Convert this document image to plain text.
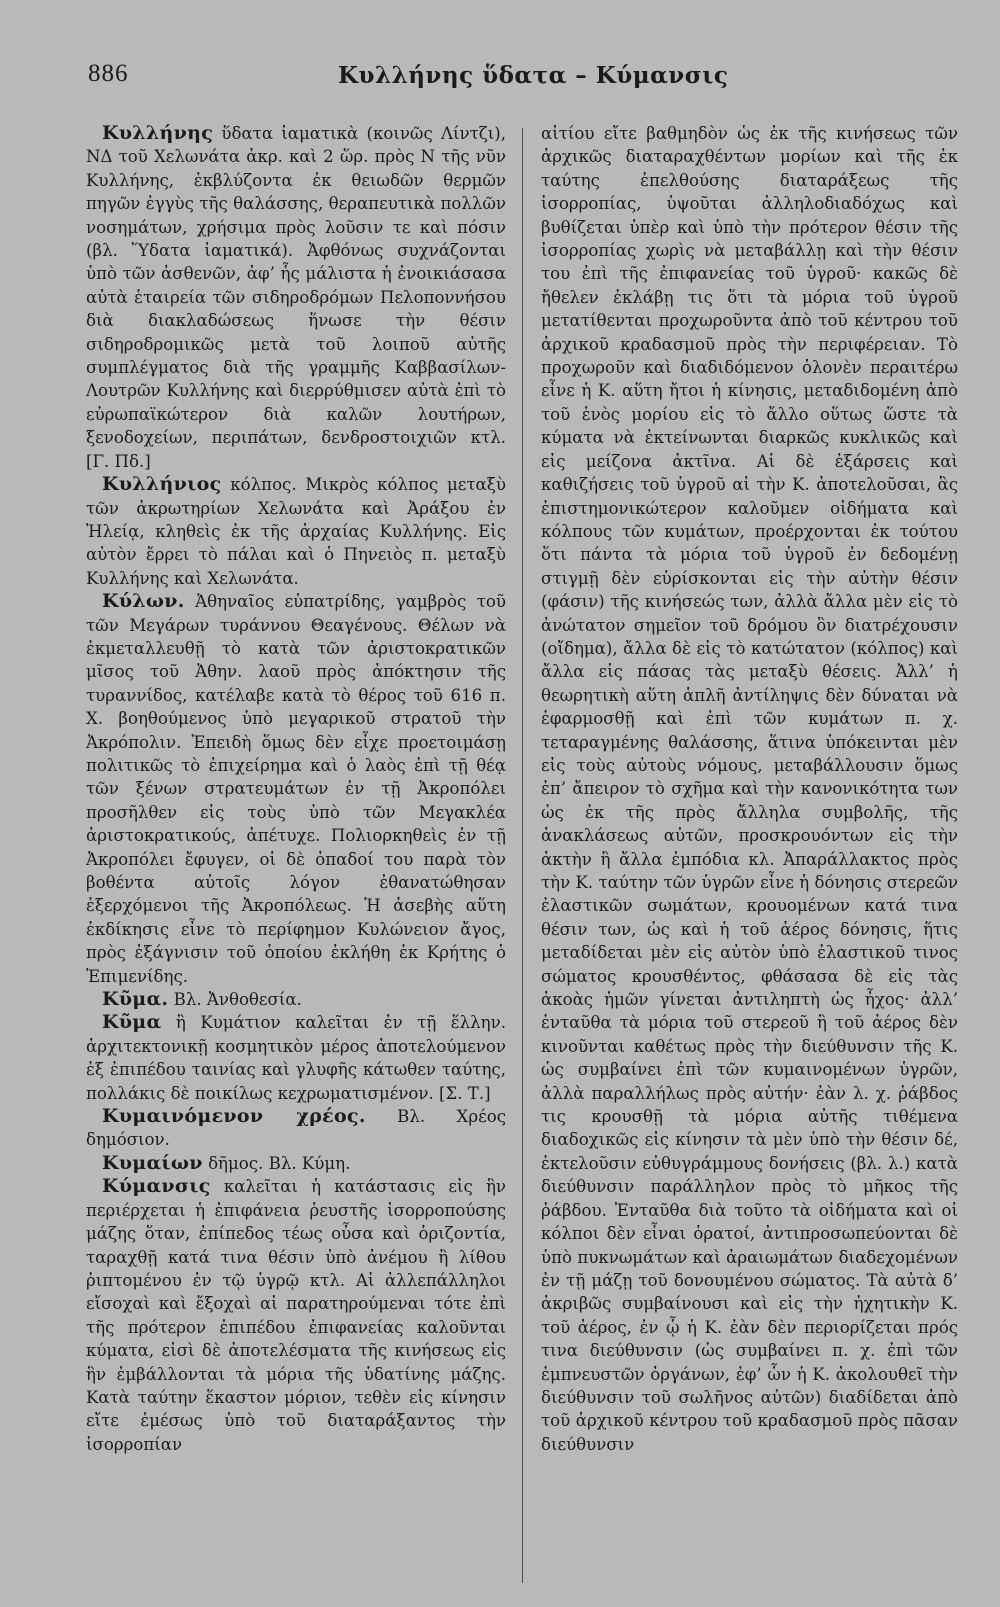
886	Κυλλήνης ὕδατα – Κύμανσις

Κυλλήνης ὕδατα ἰαματικὰ (κοινῶς Λίντζι), ΝΔ τοῦ Χελωνάτα ἀκρ. καὶ 2 ὥρ. πρὸς Ν τῆς νῦν Κυλλήνης, ἐκβλύζοντα ἐκ θειωδῶν θερμῶν πηγῶν ἐγγὺς τῆς θαλάσσης, θεραπευτικὰ πολλῶν νοσημάτων, χρήσιμα πρὸς λοῦσιν τε καὶ πόσιν (βλ. Ὕδατα ἰαματικά). Ἀφθόνως συχνάζονται ὑπὸ τῶν ἀσθενῶν, ἀφ’ ἧς μάλιστα ἡ ἐνοικιάσασα αὐτὰ ἑταιρεία τῶν σιδηροδρόμων Πελοποννήσου διὰ διακλαδώσεως ἥνωσε τὴν θέσιν σιδηροδρομικῶς μετὰ τοῦ λοιποῦ αὐτῆς συμπλέγματος διὰ τῆς γραμμῆς Καββασίλων-Λουτρῶν Κυλλήνης καὶ διερρύθμισεν αὐτὰ ἐπὶ τὸ εὐρωπαϊκώτερον διὰ καλῶν λουτήρων, ξενοδοχείων, περιπάτων, δενδροστοιχιῶν κτλ. [Γ. Πδ.]

Κυλλήνιος κόλπος. Μικρὸς κόλπος μεταξὺ τῶν ἀκρωτηρίων Χελωνάτα καὶ Ἀράξου ἐν Ἠλείᾳ, κληθεὶς ἐκ τῆς ἀρχαίας Κυλλήνης. Εἰς αὐτὸν ἔρρει τὸ πάλαι καὶ ὁ Πηνειὸς π. μεταξὺ Κυλλήνης καὶ Χελωνάτα.

Κύλων. Ἀθηναῖος εὐπατρίδης, γαμβρὸς τοῦ τῶν Μεγάρων τυράννου Θεαγένους. Θέλων νὰ ἐκμεταλλευθῇ τὸ κατὰ τῶν ἀριστοκρατικῶν μῖσος τοῦ Ἀθην. λαοῦ πρὸς ἀπόκτησιν τῆς τυραννίδος, κατέλαβε κατὰ τὸ θέρος τοῦ 616 π. Χ. βοηθούμενος ὑπὸ μεγαρικοῦ στρατοῦ τὴν Ἀκρόπολιν. Ἐπειδὴ ὅμως δὲν εἶχε προετοιμάσῃ πολιτικῶς τὸ ἐπιχείρημα καὶ ὁ λαὸς ἐπὶ τῇ θέᾳ τῶν ξένων στρατευμάτων ἐν τῇ Ἀκροπόλει προσῆλθεν εἰς τοὺς ὑπὸ τῶν Μεγακλέα ἀριστοκρατικούς, ἀπέτυχε. Πολιορκηθεὶς ἐν τῇ Ἀκροπόλει ἔφυγεν, οἱ δὲ ὀπαδοί του παρὰ τὸν βοθέντα αὐτοῖς λόγον ἐθανατώθησαν ἐξερχόμενοι τῆς Ἀκροπόλεως. Ἡ ἀσεβὴς αὕτη ἐκδίκησις εἶνε τὸ περίφημον Κυλώνειον ἄγος, πρὸς ἐξάγνισιν τοῦ ὁποίου ἐκλήθη ἐκ Κρήτης ὁ Ἐπιμενίδης.

Κῦμα. Βλ. Ἀνθοθεσία.

Κῦμα ἢ Κυμάτιον καλεῖται ἐν τῇ ἕλλην. ἀρχιτεκτονικῇ κοσμητικὸν μέρος ἀποτελούμενον ἐξ ἐπιπέδου ταινίας καὶ γλυφῆς κάτωθεν ταύτης, πολλάκις δὲ ποικίλως κεχρωματισμένον. [Σ. Τ.]

Κυμαινόμενον χρέος. Βλ. Χρέος δημόσιον.

Κυμαίων δῆμος. Βλ. Κύμη.

Κύμανσις καλεῖται ἡ κατάστασις εἰς ἣν περιέρχεται ἡ ἐπιφάνεια ῥευστῆς ἰσορροπούσης μάζης ὅταν, ἐπίπεδος τέως οὖσα καὶ ὁριζοντία, ταραχθῇ κατά τινα θέσιν ὑπὸ ἀνέμου ἢ λίθου ῥιπτομένου ἐν τῷ ὑγρῷ κτλ. Αἱ ἀλλεπάλληλοι εἴσοχαὶ καὶ ἔξοχαὶ αἱ παρατηρούμεναι τότε ἐπὶ τῆς πρότερον ἐπιπέδου ἐπιφανείας καλοῦνται κύματα, εἰσὶ δὲ ἀποτελέσματα τῆς κινήσεως εἰς ἣν ἐμβάλλονται τὰ μόρια τῆς ὑδατίνης μάζης. Κατὰ ταύτην ἕκαστον μόριον, τεθὲν εἰς κίνησιν εἴτε ἐμέσως ὑπὸ τοῦ διαταράξαντος τὴν ἰσορροπίαν

αἰτίου εἴτε βαθμηδὸν ὡς ἐκ τῆς κινήσεως τῶν ἀρχικῶς διαταραχθέντων μορίων καὶ τῆς ἐκ ταύτης ἐπελθούσης διαταράξεως τῆς ἰσορροπίας, ὑψοῦται ἀλληλοδιαδόχως καὶ βυθίζεται ὑπὲρ καὶ ὑπὸ τὴν πρότερον θέσιν τῆς ἰσορροπίας χωρὶς νὰ μεταβάλλῃ καὶ τὴν θέσιν του ἐπὶ τῆς ἐπιφανείας τοῦ ὑγροῦ· κακῶς δὲ ἤθελεν ἐκλάβῃ τις ὅτι τὰ μόρια τοῦ ὑγροῦ μετατίθενται προχωροῦντα ἀπὸ τοῦ κέντρου τοῦ ἀρχικοῦ κραδασμοῦ πρὸς τὴν περιφέρειαν. Τὸ προχωροῦν καὶ διαδιδόμενον ὁλονὲν περαιτέρω εἶνε ἡ Κ. αὕτη ἤτοι ἡ κίνησις, μεταδιδομένη ἀπὸ τοῦ ἑνὸς μορίου εἰς τὸ ἄλλο οὕτως ὥστε τὰ κύματα νὰ ἐκτείνωνται διαρκῶς κυκλικῶς καὶ εἰς μείζονα ἀκτῖνα. Αἱ δὲ ἐξάρσεις καὶ καθιζήσεις τοῦ ὑγροῦ αἱ τὴν Κ. ἀποτελοῦσαι, ἃς ἐπιστημονικώτερον καλοῦμεν οἰδήματα καὶ κόλπους τῶν κυμάτων, προέρχονται ἐκ τούτου ὅτι πάντα τὰ μόρια τοῦ ὑγροῦ ἐν δεδομένῃ στιγμῇ δὲν εὑρίσκονται εἰς τὴν αὐτὴν θέσιν (φάσιν) τῆς κινήσεώς των, ἀλλὰ ἄλλα μὲν εἰς τὸ ἀνώτατον σημεῖον τοῦ δρόμου ὃν διατρέχουσιν (οἴδημα), ἄλλα δὲ εἰς τὸ κατώτατον (κόλπος) καὶ ἄλλα εἰς πάσας τὰς μεταξὺ θέσεις. Ἀλλ’ ἡ θεωρητικὴ αὕτη ἁπλῆ ἀντίληψις δὲν δύναται νὰ ἐφαρμοσθῇ καὶ ἐπὶ τῶν κυμάτων π. χ. τεταραγμένης θαλάσσης, ἅτινα ὑπόκεινται μὲν εἰς τοὺς αὐτοὺς νόμους, μεταβάλλουσιν ὅμως ἐπ’ ἄπειρον τὸ σχῆμα καὶ τὴν κανονικότητα των ὡς ἐκ τῆς πρὸς ἄλληλα συμβολῆς, τῆς ἀνακλάσεως αὐτῶν, προσκρουόντων εἰς τὴν ἀκτὴν ἢ ἄλλα ἐμπόδια κλ. Ἀπαράλλακτος πρὸς τὴν Κ. ταύτην τῶν ὑγρῶν εἶνε ἡ δόνησις στερεῶν ἐλαστικῶν σωμάτων, κρουομένων κατά τινα θέσιν των, ὡς καὶ ἡ τοῦ ἀέρος δόνησις, ἥτις μεταδίδεται μὲν εἰς αὐτὸν ὑπὸ ἐλαστικοῦ τινος σώματος κρουσθέντος, φθάσασα δὲ εἰς τὰς ἀκοὰς ἡμῶν γίνεται ἀντιληπτὴ ὡς ἦχος· ἀλλ’ ἐνταῦθα τὰ μόρια τοῦ στερεοῦ ἢ τοῦ ἀέρος δὲν κινοῦνται καθέτως πρὸς τὴν διεύθυνσιν τῆς Κ. ὡς συμβαίνει ἐπὶ τῶν κυμαινομένων ὑγρῶν, ἀλλὰ παραλλήλως πρὸς αὐτήν· ἐὰν λ. χ. ῥάβδος τις κρουσθῇ τὰ μόρια αὐτῆς τιθέμενα διαδοχικῶς εἰς κίνησιν τὰ μὲν ὑπὸ τὴν θέσιν δέ, ἐκτελοῦσιν εὐθυγράμμους δονήσεις (βλ. λ.) κατὰ διεύθυνσιν παράλληλον πρὸς τὸ μῆκος τῆς ῥάβδου. Ἐνταῦθα διὰ τοῦτο τὰ οἰδήματα καὶ οἱ κόλποι δὲν εἶναι ὁρατοί, ἀντιπροσωπεύονται δὲ ὑπὸ πυκνωμάτων καὶ ἀραιωμάτων διαδεχομένων ἐν τῇ μάζῃ τοῦ δονουμένου σώματος. Τὰ αὐτὰ δ’ ἀκριβῶς συμβαίνουσι καὶ εἰς τὴν ἠχητικὴν Κ. τοῦ ἀέρος, ἐν ᾧ ἡ Κ. ἐὰν δὲν περιορίζεται πρός τινα διεύθυνσιν (ὡς συμβαίνει π. χ. ἐπὶ τῶν ἐμπνευστῶν ὀργάνων, ἐφ’ ὧν ἡ Κ. ἀκολουθεῖ τὴν διεύθυνσιν τοῦ σωλῆνος αὐτῶν) διαδίδεται ἀπὸ τοῦ ἀρχικοῦ κέντρου τοῦ κραδασμοῦ πρὸς πᾶσαν διεύθυνσιν
